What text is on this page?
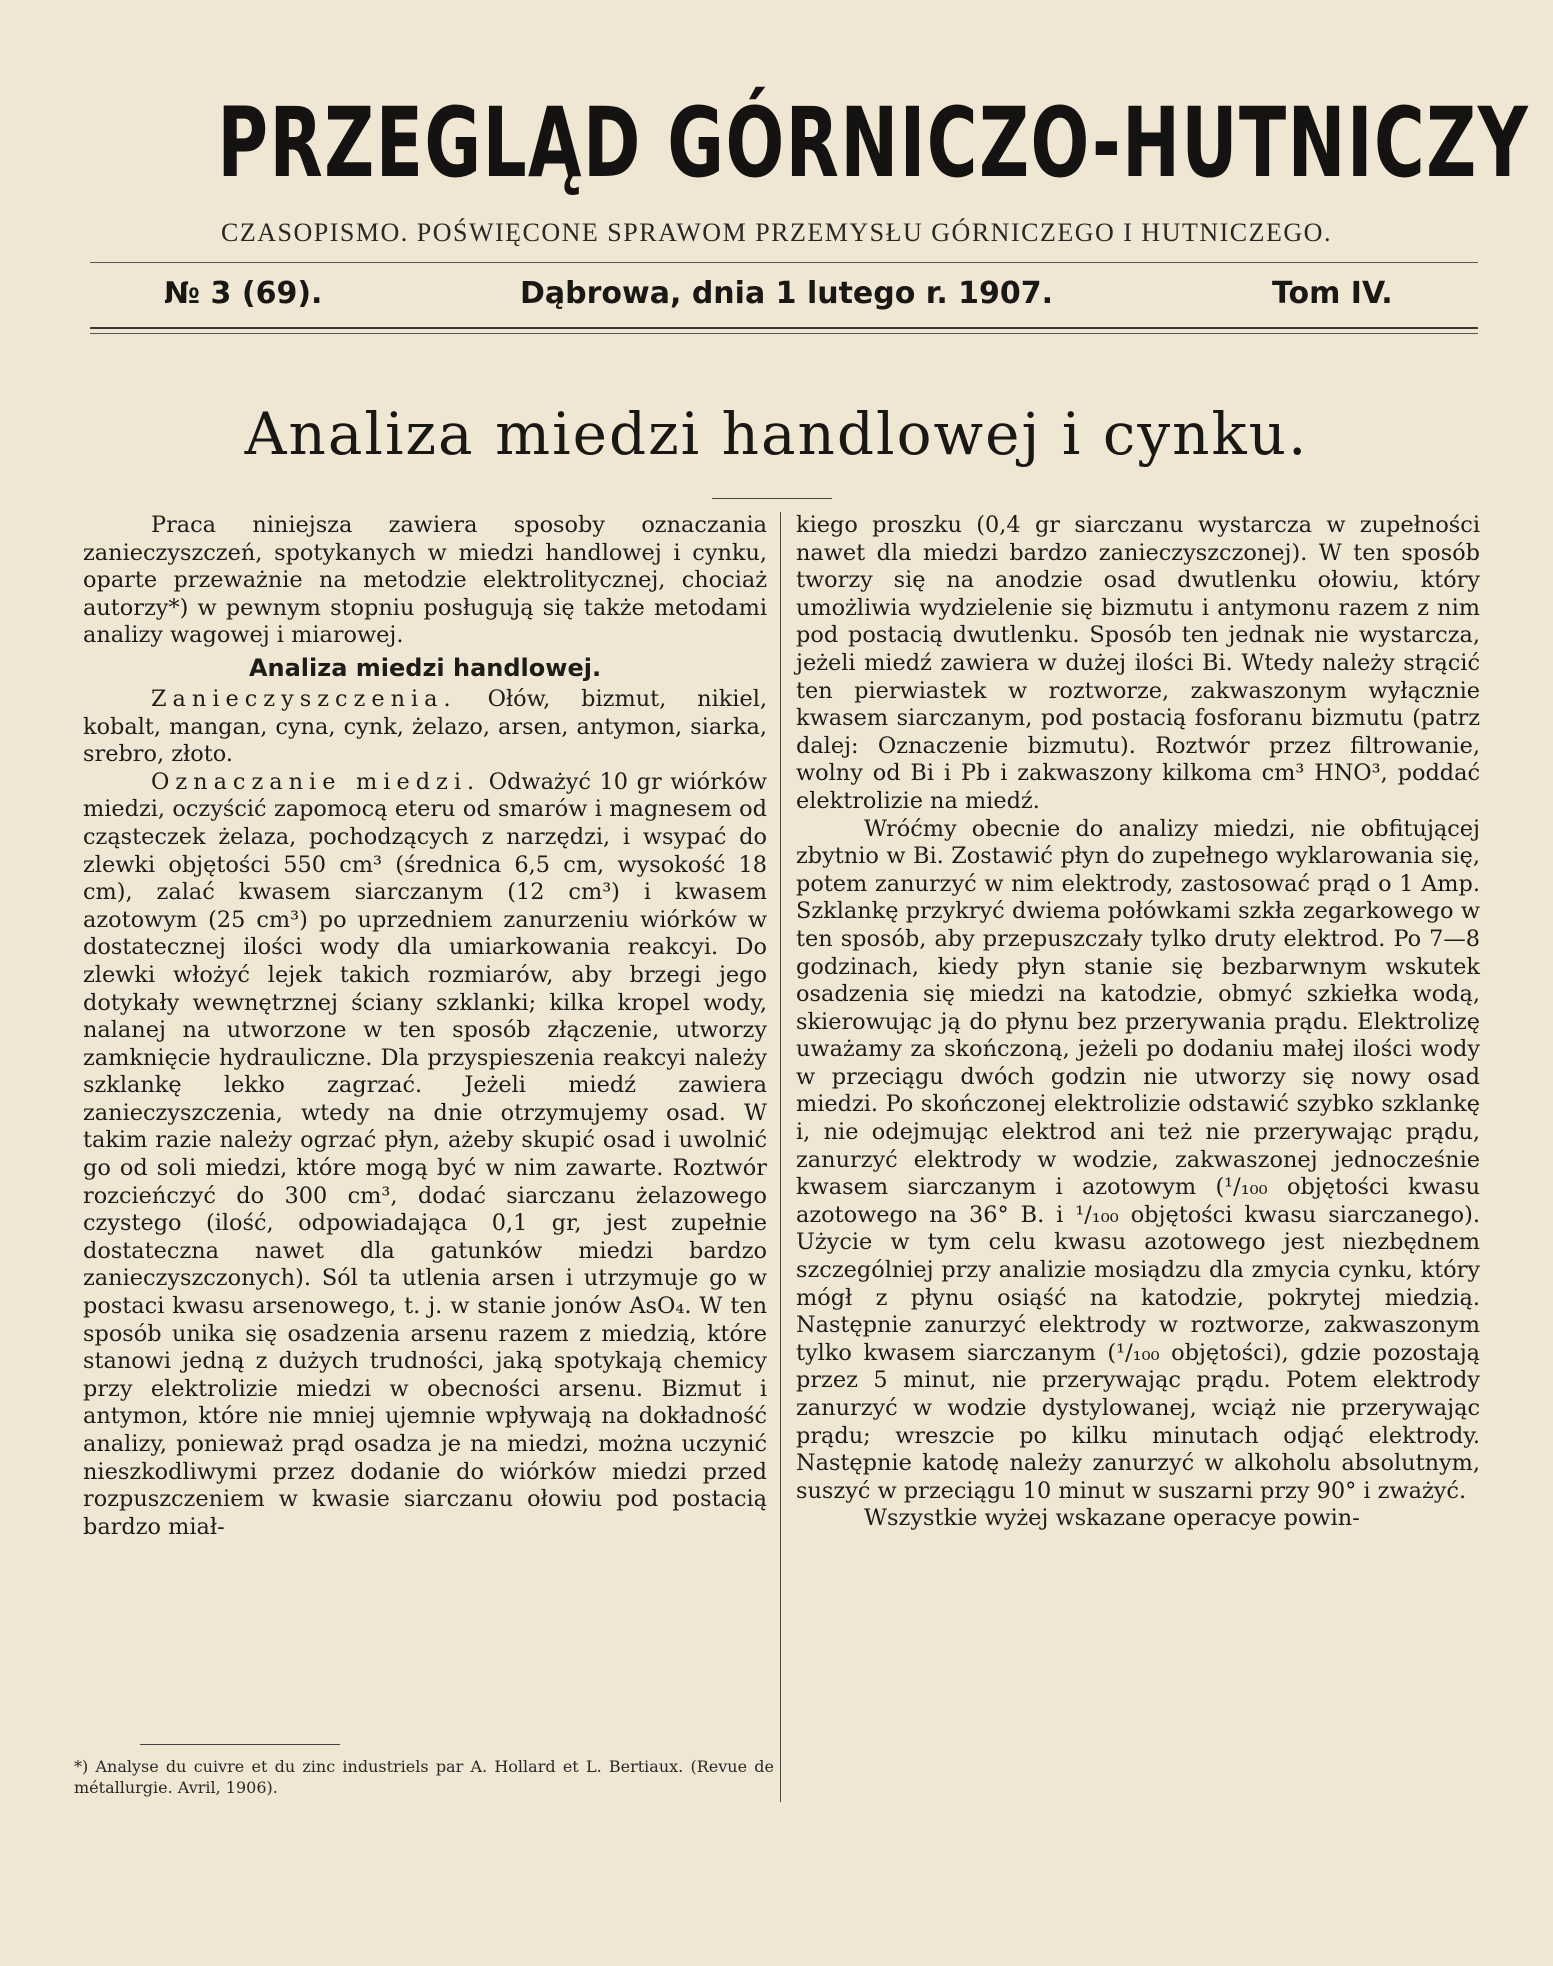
PRZEGLĄD GÓRNICZO-HUTNICZY
CZASOPISMO. POŚWIĘCONE SPRAWOM PRZEMYSŁU GÓRNICZEGO I HUTNICZEGO.
№ 3 (69).	Dąbrowa, dnia 1 lutego r. 1907.	Tom IV.
Analiza miedzi handlowej i cynku.

Praca niniejsza zawiera sposoby oznaczania zanieczyszczeń, spotykanych w miedzi handlowej i cynku, oparte przeważnie na metodzie elektrolitycznej, chociaż autorzy*) w pewnym stopniu posługują się także metodami analizy wagowej i miarowej.

Analiza miedzi handlowej.

Zanieczyszczenia. Ołów, bizmut, nikiel, kobalt, mangan, cyna, cynk, żelazo, arsen, antymon, siarka, srebro, złoto.

Oznaczanie miedzi. Odważyć 10 gr wiórków miedzi, oczyścić zapomocą eteru od smarów i magnesem od cząsteczek żelaza, pochodzących z narzędzi, i wsypać do zlewki objętości 550 cm³ (średnica 6,5 cm, wysokość 18 cm), zalać kwasem siarczanym (12 cm³) i kwasem azotowym (25 cm³) po uprzedniem zanurzeniu wiórków w dostatecznej ilości wody dla umiarkowania reakcyi. Do zlewki włożyć lejek takich rozmiarów, aby brzegi jego dotykały wewnętrznej ściany szklanki; kilka kropel wody, nalanej na utworzone w ten sposób złączenie, utworzy zamknięcie hydrauliczne. Dla przyspieszenia reakcyi należy szklankę lekko zagrzać. Jeżeli miedź zawiera zanieczyszczenia, wtedy na dnie otrzymujemy osad. W takim razie należy ogrzać płyn, ażeby skupić osad i uwolnić go od soli miedzi, które mogą być w nim zawarte. Roztwór rozcieńczyć do 300 cm³, dodać siarczanu żelazowego czystego (ilość, odpowiadająca 0,1 gr, jest zupełnie dostateczna nawet dla gatunków miedzi bardzo zanieczyszczonych). Sól ta utlenia arsen i utrzymuje go w postaci kwasu arsenowego, t. j. w stanie jonów AsO₄. W ten sposób unika się osadzenia arsenu razem z miedzią, które stanowi jedną z dużych trudności, jaką spotykają chemicy przy elektrolizie miedzi w obecności arsenu. Bizmut i antymon, które nie mniej ujemnie wpływają na dokładność analizy, ponieważ prąd osadza je na miedzi, można uczynić nieszkodliwymi przez dodanie do wiórków miedzi przed rozpuszczeniem w kwasie siarczanu ołowiu pod postacią bardzo miał-

kiego proszku (0,4 gr siarczanu wystarcza w zupełności nawet dla miedzi bardzo zanieczyszczonej). W ten sposób tworzy się na anodzie osad dwutlenku ołowiu, który umożliwia wydzielenie się bizmutu i antymonu razem z nim pod postacią dwutlenku. Sposób ten jednak nie wystarcza, jeżeli miedź zawiera w dużej ilości Bi. Wtedy należy strącić ten pierwiastek w roztworze, zakwaszonym wyłącznie kwasem siarczanym, pod postacią fosforanu bizmutu (patrz dalej: Oznaczenie bizmutu). Roztwór przez filtrowanie, wolny od Bi i Pb i zakwaszony kilkoma cm³ HNO³, poddać elektrolizie na miedź.

Wróćmy obecnie do analizy miedzi, nie obfitującej zbytnio w Bi. Zostawić płyn do zupełnego wyklarowania się, potem zanurzyć w nim elektrody, zastosować prąd o 1 Amp. Szklankę przykryć dwiema połówkami szkła zegarkowego w ten sposób, aby przepuszczały tylko druty elektrod. Po 7—8 godzinach, kiedy płyn stanie się bezbarwnym wskutek osadzenia się miedzi na katodzie, obmyć szkiełka wodą, skierowując ją do płynu bez przerywania prądu. Elektrolizę uważamy za skończoną, jeżeli po dodaniu małej ilości wody w przeciągu dwóch godzin nie utworzy się nowy osad miedzi. Po skończonej elektrolizie odstawić szybko szklankę i, nie odejmując elektrod ani też nie przerywając prądu, zanurzyć elektrody w wodzie, zakwaszonej jednocześnie kwasem siarczanym i azotowym (¹/₁₀₀ objętości kwasu azotowego na 36° B. i ¹/₁₀₀ objętości kwasu siarczanego). Użycie w tym celu kwasu azotowego jest niezbędnem szczególniej przy analizie mosiądzu dla zmycia cynku, który mógł z płynu osiąść na katodzie, pokrytej miedzią. Następnie zanurzyć elektrody w roztworze, zakwaszonym tylko kwasem siarczanym (¹/₁₀₀ objętości), gdzie pozostają przez 5 minut, nie przerywając prądu. Potem elektrody zanurzyć w wodzie dystylowanej, wciąż nie przerywając prądu; wreszcie po kilku minutach odjąć elektrody. Następnie katodę należy zanurzyć w alkoholu absolutnym, suszyć w przeciągu 10 minut w suszarni przy 90° i zważyć.

Wszystkie wyżej wskazane operacye powin-

*) Analyse du cuivre et du zinc industriels par A. Hollard et L. Bertiaux. (Revue de métallurgie. Avril, 1906).
